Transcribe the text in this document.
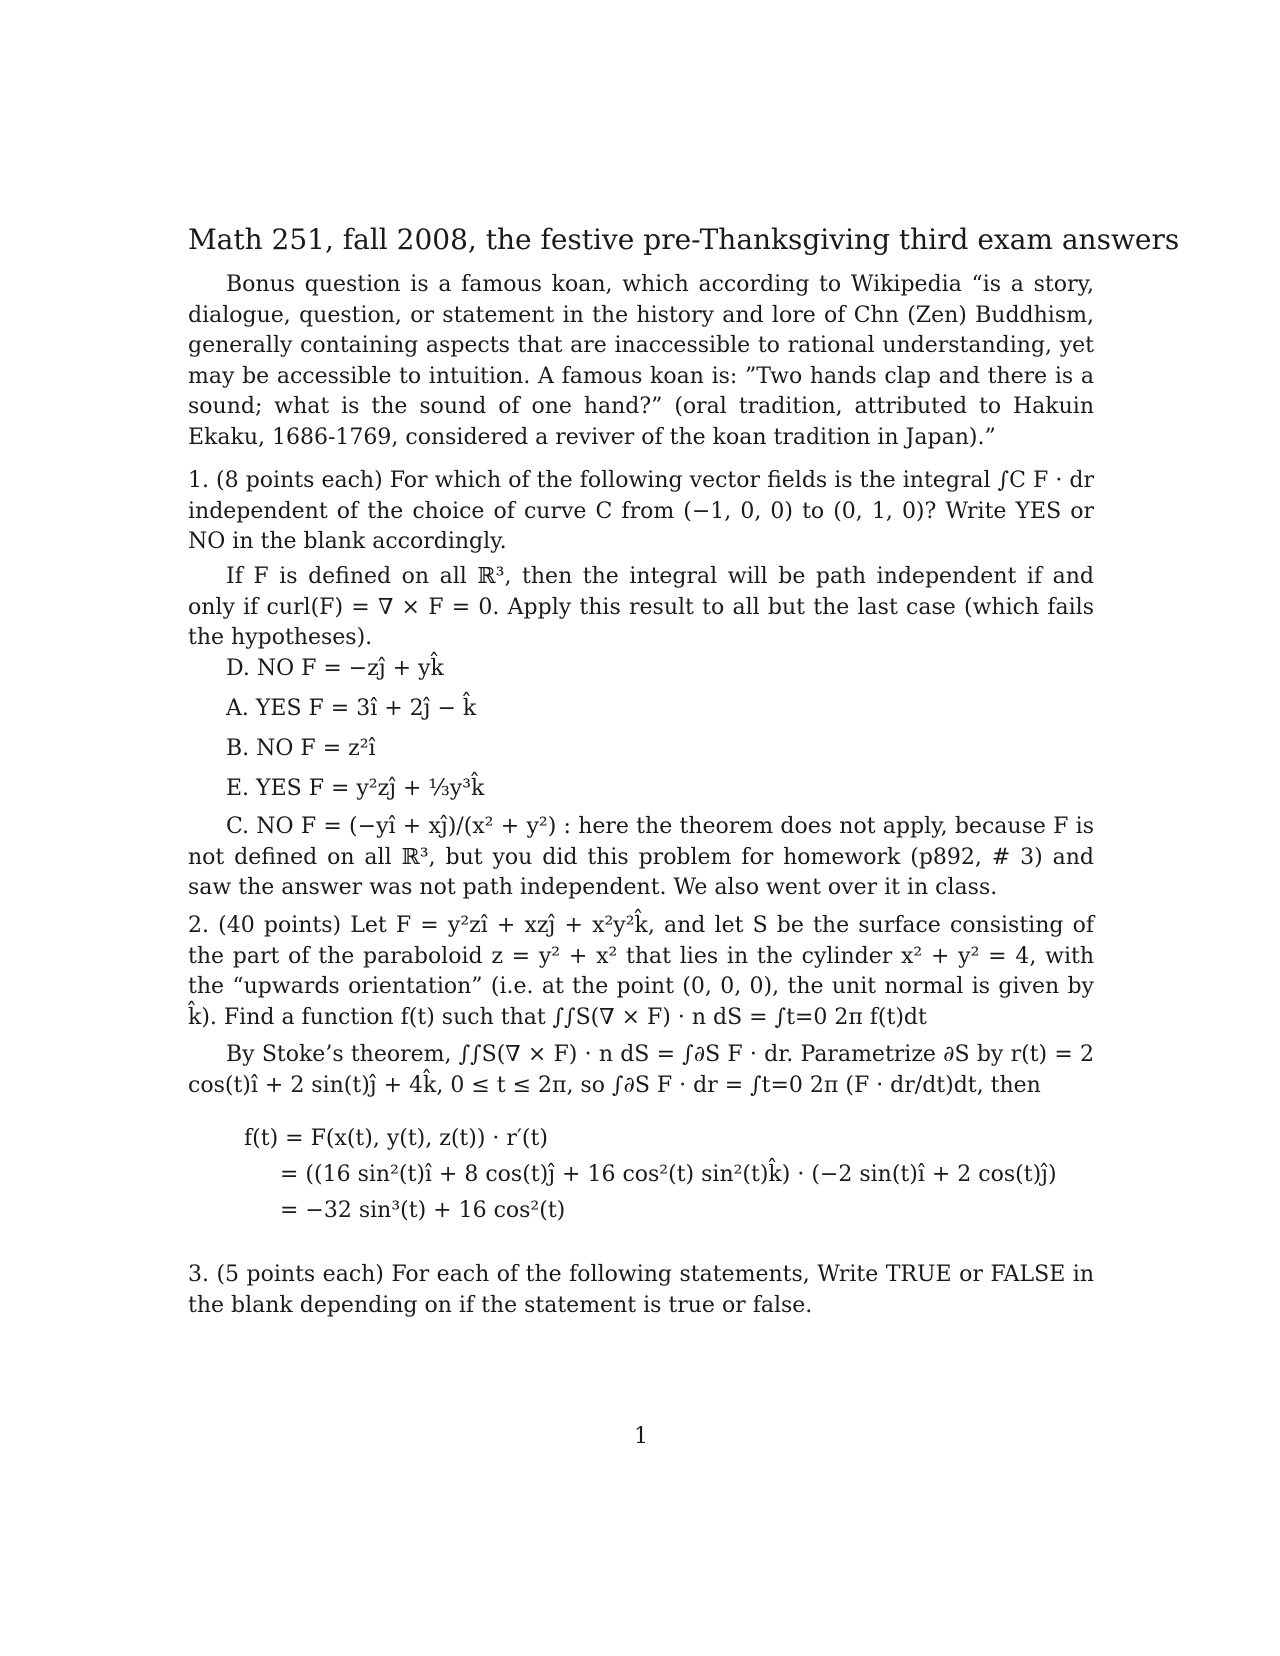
Math 251, fall 2008, the festive pre-Thanksgiving third exam answers

Bonus question is a famous koan, which according to Wikipedia “is a story, dialogue, question, or statement in the history and lore of Chn (Zen) Buddhism, generally containing aspects that are inaccessible to rational understanding, yet may be accessible to intuition. A famous koan is: ”Two hands clap and there is a sound; what is the sound of one hand?” (oral tradition, attributed to Hakuin Ekaku, 1686-1769, considered a reviver of the koan tradition in Japan).”

1. (8 points each) For which of the following vector fields is the integral ∫C F · dr independent of the choice of curve C from (−1, 0, 0) to (0, 1, 0)? Write YES or NO in the blank accordingly.

If F is defined on all ℝ³, then the integral will be path independent if and only if curl(F) = ∇ × F = 0. Apply this result to all but the last case (which fails the hypotheses).

D. NO F = −zĵ + yk̂
A. YES F = 3î + 2ĵ − k̂
B. NO F = z²î
E. YES F = y²zĵ + ⅓y³k̂

C. NO F = (−yî + xĵ)/(x² + y²) : here the theorem does not apply, because F is not defined on all ℝ³, but you did this problem for homework (p892, # 3) and saw the answer was not path independent. We also went over it in class.

2. (40 points) Let F = y²zî + xzĵ + x²y²k̂, and let S be the surface consisting of the part of the paraboloid z = y² + x² that lies in the cylinder x² + y² = 4, with the “upwards orientation” (i.e. at the point (0, 0, 0), the unit normal is given by k̂). Find a function f(t) such that ∫∫S(∇ × F) · n dS = ∫t=0 2π f(t)dt

By Stoke’s theorem, ∫∫S(∇ × F) · n dS = ∫∂S F · dr. Parametrize ∂S by r(t) = 2 cos(t)î + 2 sin(t)ĵ + 4k̂, 0 ≤ t ≤ 2π, so ∫∂S F · dr = ∫t=0 2π (F · dr/dt)dt, then

f(t) = F(x(t), y(t), z(t)) · r′(t)
= ((16 sin²(t)î + 8 cos(t)ĵ + 16 cos²(t) sin²(t)k̂) · (−2 sin(t)î + 2 cos(t)ĵ)
= −32 sin³(t) + 16 cos²(t)

3. (5 points each) For each of the following statements, Write TRUE or FALSE in the blank depending on if the statement is true or false.

1
